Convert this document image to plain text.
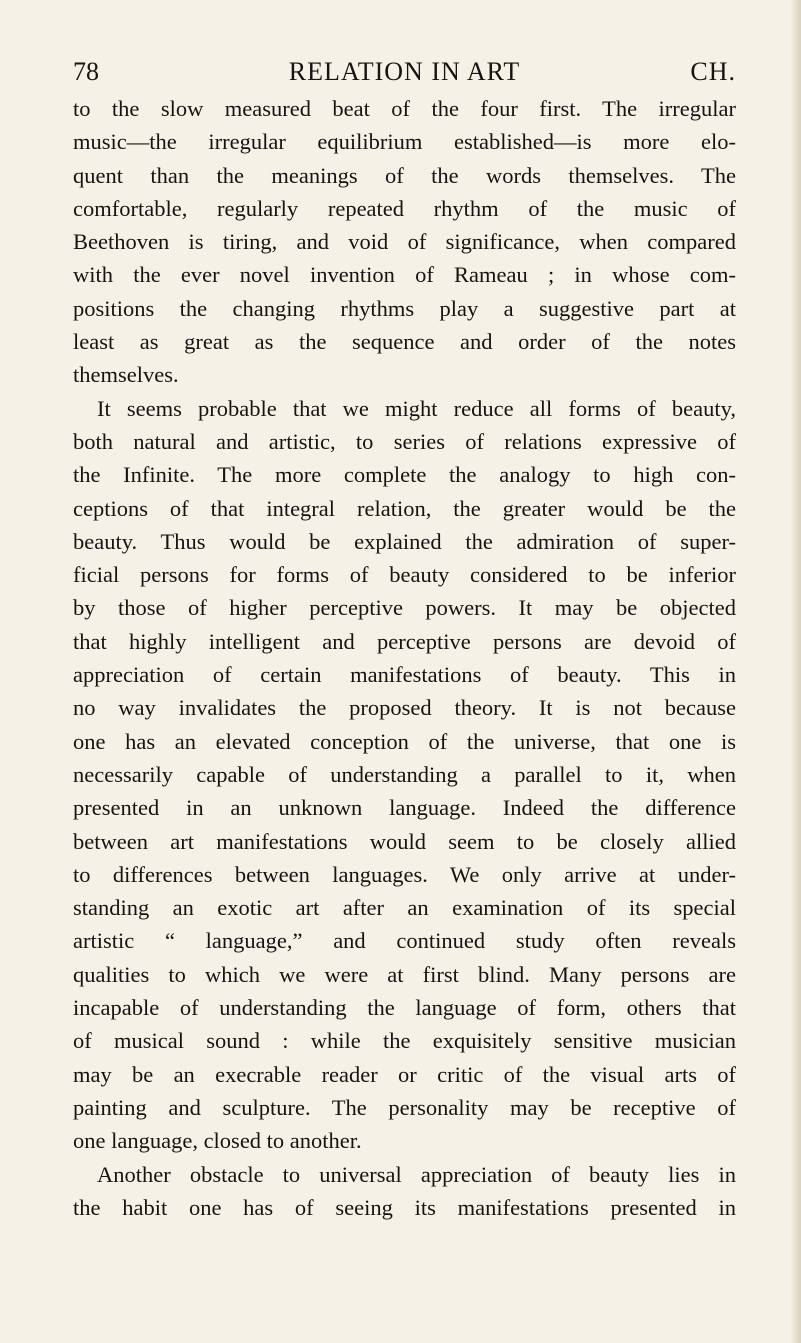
78	RELATION IN ART	CH.
to the slow measured beat of the four first. The irregular
music—the irregular equilibrium established—is more elo-
quent than the meanings of the words themselves. The
comfortable, regularly repeated rhythm of the music of
Beethoven is tiring, and void of significance, when compared
with the ever novel invention of Rameau ; in whose com-
positions the changing rhythms play a suggestive part at
least as great as the sequence and order of the notes
themselves.
It seems probable that we might reduce all forms of beauty,
both natural and artistic, to series of relations expressive of
the Infinite. The more complete the analogy to high con-
ceptions of that integral relation, the greater would be the
beauty. Thus would be explained the admiration of super-
ficial persons for forms of beauty considered to be inferior
by those of higher perceptive powers. It may be objected
that highly intelligent and perceptive persons are devoid of
appreciation of certain manifestations of beauty. This in
no way invalidates the proposed theory. It is not because
one has an elevated conception of the universe, that one is
necessarily capable of understanding a parallel to it, when
presented in an unknown language. Indeed the difference
between art manifestations would seem to be closely allied
to differences between languages. We only arrive at under-
standing an exotic art after an examination of its special
artistic “ language,” and continued study often reveals
qualities to which we were at first blind. Many persons are
incapable of understanding the language of form, others that
of musical sound : while the exquisitely sensitive musician
may be an execrable reader or critic of the visual arts of
painting and sculpture. The personality may be receptive of
one language, closed to another.
Another obstacle to universal appreciation of beauty lies in
the habit one has of seeing its manifestations presented in
